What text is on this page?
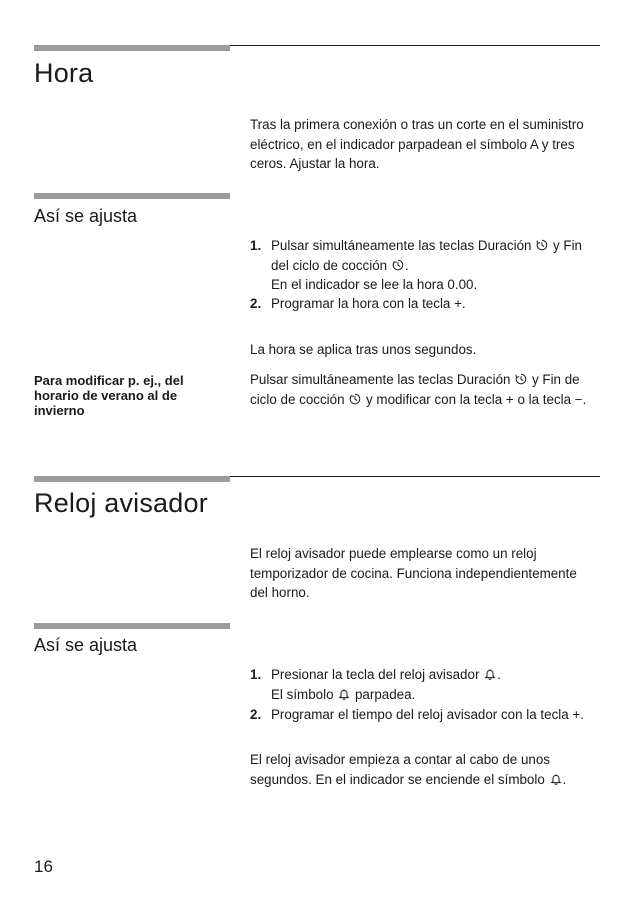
Hora

Tras la primera conexión o tras un corte en el suministro eléctrico, en el indicador parpadean el símbolo A y tres ceros. Ajustar la hora.

Así se ajusta
1. Pulsar simultáneamente las teclas Duración y Fin del ciclo de cocción .
En el indicador se lee la hora 0.00.
2. Programar la hora con la tecla +.

La hora se aplica tras unos segundos.

Para modificar p. ej., del horario de verano al de invierno

Pulsar simultáneamente las teclas Duración y Fin de ciclo de cocción y modificar con la tecla + o la tecla −.

Reloj avisador

El reloj avisador puede emplearse como un reloj temporizador de cocina. Funciona independientemente del horno.

Así se ajusta
1. Presionar la tecla del reloj avisador .
El símbolo parpadea.
2. Programar el tiempo del reloj avisador con la tecla +.

El reloj avisador empieza a contar al cabo de unos segundos. En el indicador se enciende el símbolo .

16
